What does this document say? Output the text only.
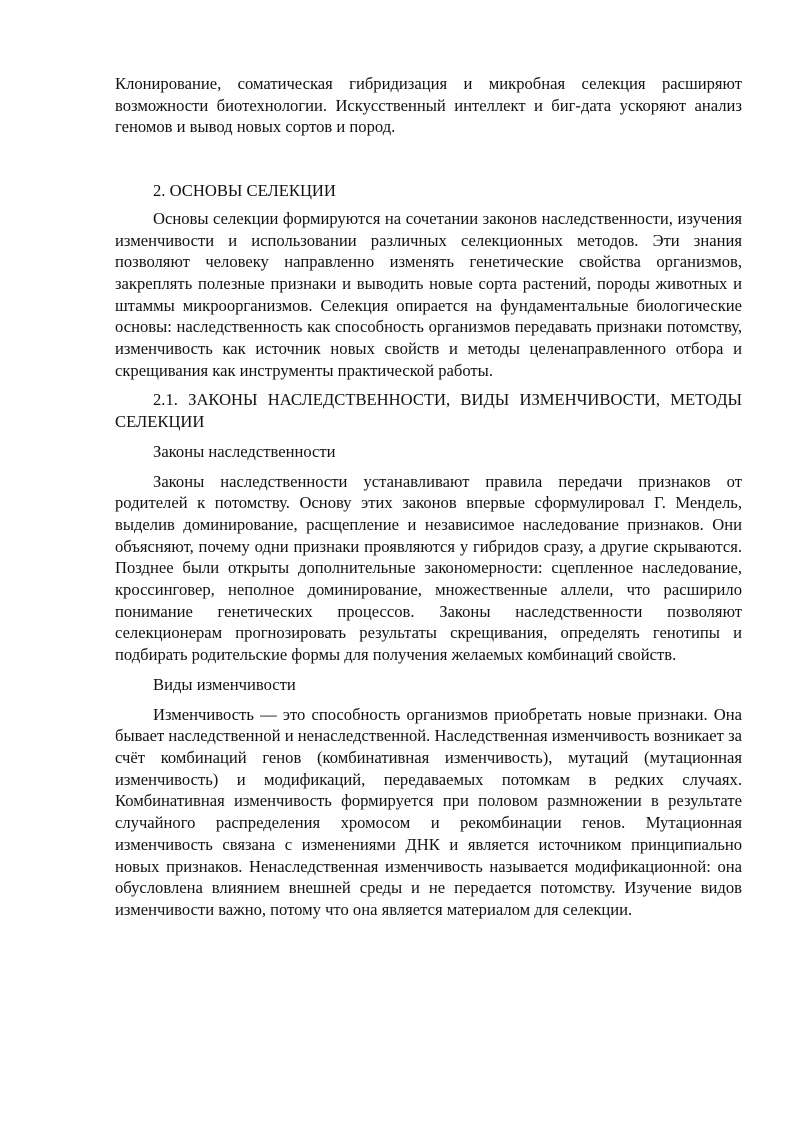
Клонирование, соматическая гибридизация и микробная селекция расширяют возможности биотехнологии. Искусственный интеллект и биг-дата ускоряют анализ геномов и вывод новых сортов и пород.

2. ОСНОВЫ СЕЛЕКЦИИ

Основы селекции формируются на сочетании законов наследственности, изучения изменчивости и использовании различных селекционных методов. Эти знания позволяют человеку направленно изменять генетические свойства организмов, закреплять полезные признаки и выводить новые сорта растений, породы животных и штаммы микроорганизмов. Селекция опирается на фундаментальные биологические основы: наследственность как способность организмов передавать признаки потомству, изменчивость как источник новых свойств и методы целенаправленного отбора и скрещивания как инструменты практической работы.

2.1. ЗАКОНЫ НАСЛЕДСТВЕННОСТИ, ВИДЫ ИЗМЕНЧИВОСТИ, МЕТОДЫ СЕЛЕКЦИИ

Законы наследственности

Законы наследственности устанавливают правила передачи признаков от родителей к потомству. Основу этих законов впервые сформулировал Г. Мендель, выделив доминирование, расщепление и независимое наследование признаков. Они объясняют, почему одни признаки проявляются у гибридов сразу, а другие скрываются. Позднее были открыты дополнительные закономерности: сцепленное наследование, кроссинговер, неполное доминирование, множественные аллели, что расширило понимание генетических процессов. Законы наследственности позволяют селекционерам прогнозировать результаты скрещивания, определять генотипы и подбирать родительские формы для получения желаемых комбинаций свойств.

Виды изменчивости

Изменчивость — это способность организмов приобретать новые признаки. Она бывает наследственной и ненаследственной. Наследственная изменчивость возникает за счёт комбинаций генов (комбинативная изменчивость), мутаций (мутационная изменчивость) и модификаций, передаваемых потомкам в редких случаях. Комбинативная изменчивость формируется при половом размножении в результате случайного распределения хромосом и рекомбинации генов. Мутационная изменчивость связана с изменениями ДНК и является источником принципиально новых признаков. Ненаследственная изменчивость называется модификационной: она обусловлена влиянием внешней среды и не передается потомству. Изучение видов изменчивости важно, потому что она является материалом для селекции.
